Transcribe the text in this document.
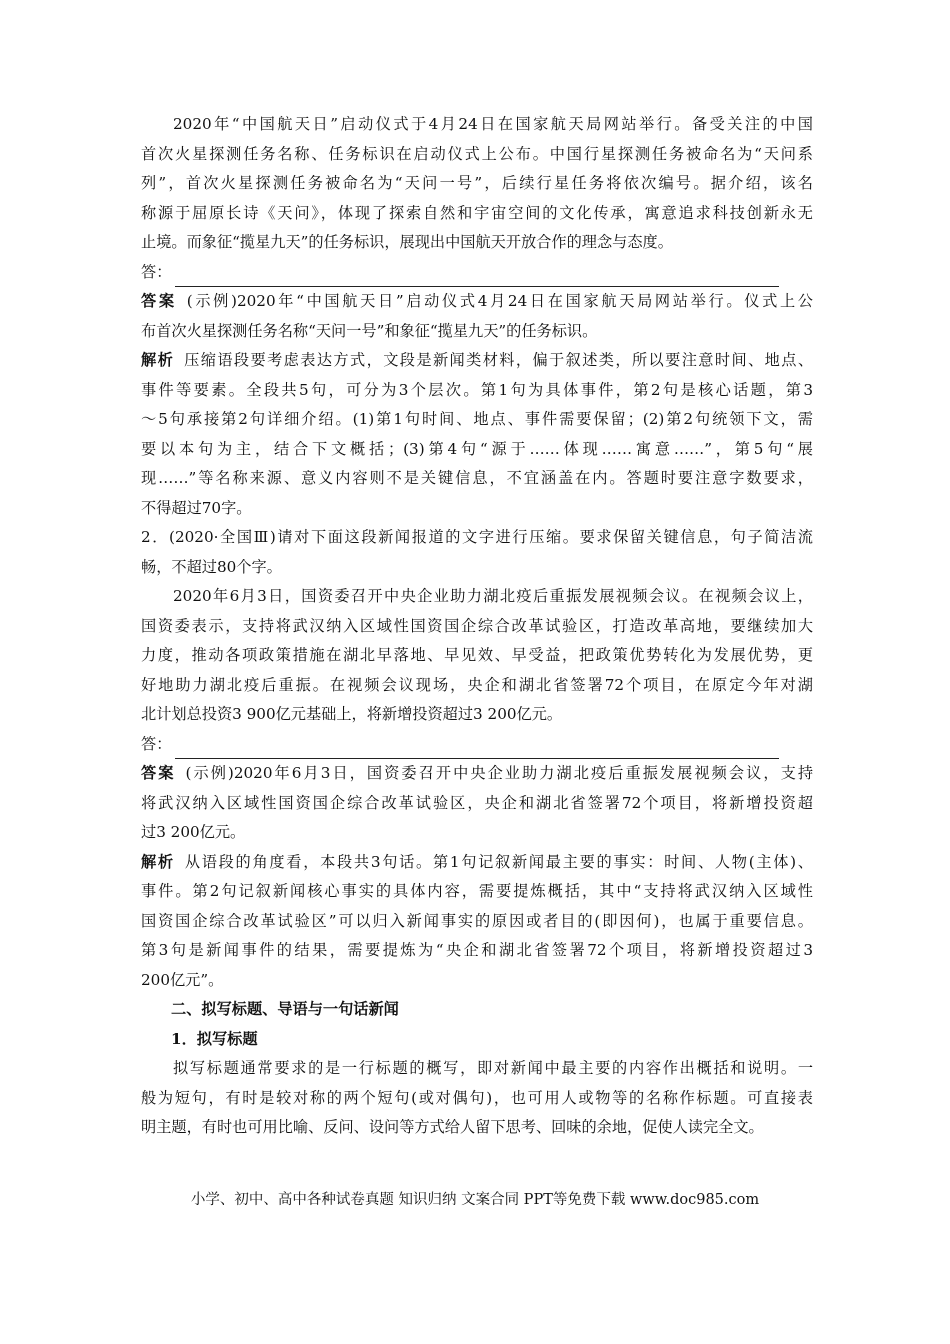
2020年“中国航天日”启动仪式于4月24日在国家航天局网站举行。备受关注的中国
首次火星探测任务名称、任务标识在启动仪式上公布。中国行星探测任务被命名为“天问系
列”，首次火星探测任务被命名为“天问一号”，后续行星任务将依次编号。据介绍，该名
称源于屈原长诗《天问》，体现了探索自然和宇宙空间的文化传承，寓意追求科技创新永无
止境。而象征“揽星九天”的任务标识，展现出中国航天开放合作的理念与态度。
答：
答案 (示例)2020年“中国航天日”启动仪式4月24日在国家航天局网站举行。仪式上公
布首次火星探测任务名称“天问一号”和象征“揽星九天”的任务标识。
解析 压缩语段要考虑表达方式，文段是新闻类材料，偏于叙述类，所以要注意时间、地点、
事件等要素。全段共5句，可分为3个层次。第1句为具体事件，第2句是核心话题，第3
～5句承接第2句详细介绍。(1)第1句时间、地点、事件需要保留；(2)第2句统领下文，需
要以本句为主，结合下文概括；(3)第4句“源于……体现……寓意……”，第5句“展
现……”等名称来源、意义内容则不是关键信息，不宜涵盖在内。答题时要注意字数要求，
不得超过70字。
2．(2020·全国Ⅲ)请对下面这段新闻报道的文字进行压缩。要求保留关键信息，句子简洁流
畅，不超过80个字。
2020年6月3日，国资委召开中央企业助力湖北疫后重振发展视频会议。在视频会议上，
国资委表示，支持将武汉纳入区域性国资国企综合改革试验区，打造改革高地，要继续加大
力度，推动各项政策措施在湖北早落地、早见效、早受益，把政策优势转化为发展优势，更
好地助力湖北疫后重振。在视频会议现场，央企和湖北省签署72个项目，在原定今年对湖
北计划总投资3 900亿元基础上，将新增投资超过3 200亿元。
答：
答案 (示例)2020年6月3日，国资委召开中央企业助力湖北疫后重振发展视频会议，支持
将武汉纳入区域性国资国企综合改革试验区，央企和湖北省签署72个项目，将新增投资超
过3 200亿元。
解析 从语段的角度看，本段共3句话。第1句记叙新闻最主要的事实：时间、人物(主体)、
事件。第2句记叙新闻核心事实的具体内容，需要提炼概括，其中“支持将武汉纳入区域性
国资国企综合改革试验区”可以归入新闻事实的原因或者目的(即因何)，也属于重要信息。
第3句是新闻事件的结果，需要提炼为“央企和湖北省签署72个项目，将新增投资超过3
200亿元”。
二、拟写标题、导语与一句话新闻
1．拟写标题
拟写标题通常要求的是一行标题的概写，即对新闻中最主要的内容作出概括和说明。一
般为短句，有时是较对称的两个短句(或对偶句)，也可用人或物等的名称作标题。可直接表
明主题，有时也可用比喻、反问、设问等方式给人留下思考、回味的余地，促使人读完全文。
小学、初中、高中各种试卷真题 知识归纳 文案合同 PPT等免费下载 www.doc985.com
